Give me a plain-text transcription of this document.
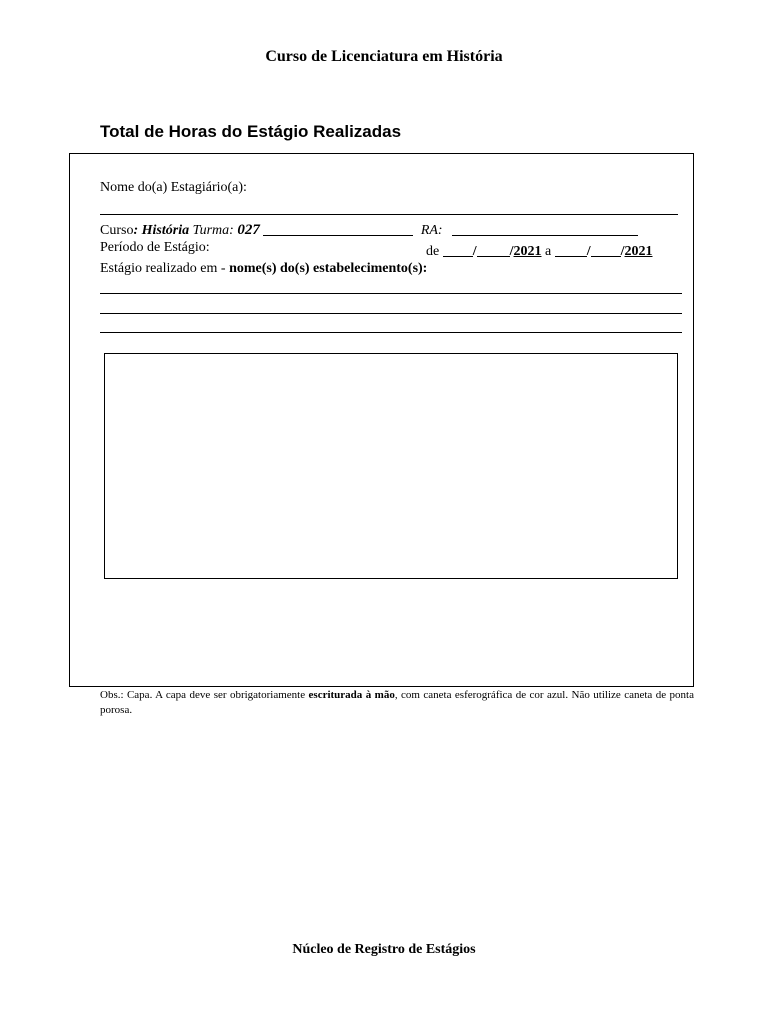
Curso de Licenciatura em História
Total de Horas do Estágio Realizadas
Nome do(a) Estagiário(a):
Curso: História Turma: 027	RA:
Período de Estágio:	de / /2021 a	/ /2021
Estágio realizado em - nome(s) do(s) estabelecimento(s):
Obs.: Capa. A capa deve ser obrigatoriamente escriturada à mão, com caneta esferográfica de cor azul. Não utilize caneta de ponta porosa.
Núcleo de Registro de Estágios
